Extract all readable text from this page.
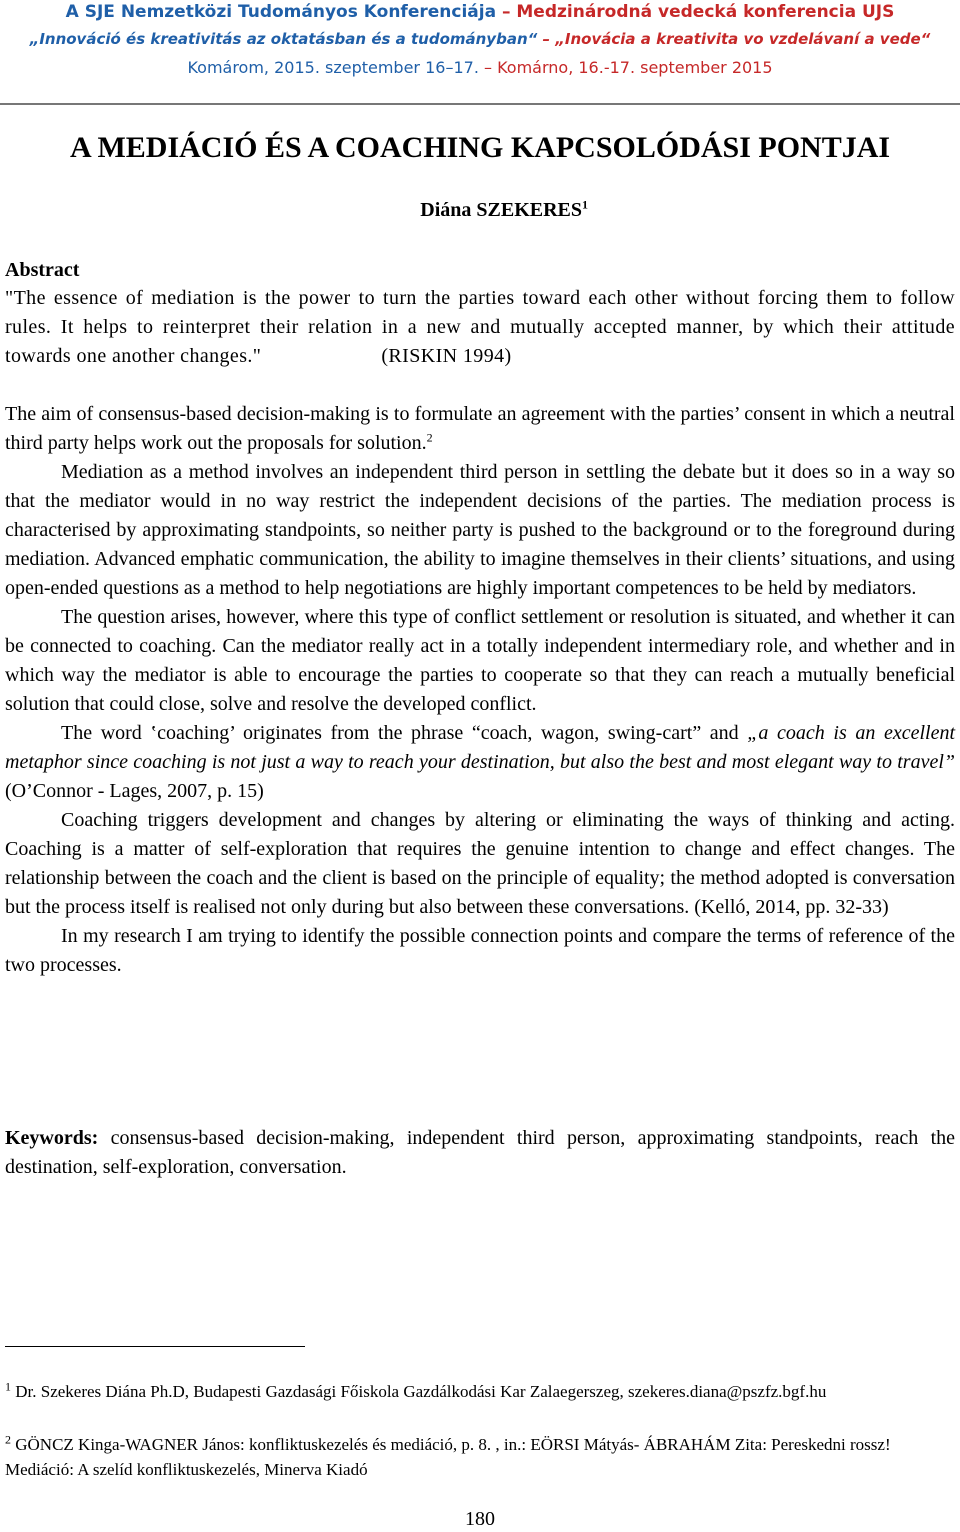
A SJE Nemzetközi Tudományos Konferenciája – Medzinárodná vedecká konferencia UJS
„Innováció és kreativitás az oktatásban és a tudományban“ – „Inovácia a kreativita vo vzdelávaní a vede“
Komárom, 2015. szeptember 16–17. – Komárno, 16.-17. september 2015
A MEDIÁCIÓ ÉS A COACHING KAPCSOLÓDÁSI PONTJAI
Diána SZEKERES$^1$
Abstract
"The essence of mediation is the power to turn the parties toward each other without forcing them to follow rules. It helps to reinterpret their relation in a new and mutually accepted manner, by which their attitude towards one another changes."	(RISKIN 1994)

The aim of consensus-based decision-making is to formulate an agreement with the parties’ consent in which a neutral third party helps work out the proposals for solution.$^2$

Mediation as a method involves an independent third person in settling the debate but it does so in a way so that the mediator would in no way restrict the independent decisions of the parties. The mediation process is characterised by approximating standpoints, so neither party is pushed to the background or to the foreground during mediation. Advanced emphatic communication, the ability to imagine themselves in their clients’ situations, and using open-ended questions as a method to help negotiations are highly important competences to be held by mediators.

The question arises, however, where this type of conflict settlement or resolution is situated, and whether it can be connected to coaching. Can the mediator really act in a totally independent intermediary role, and whether and in which way the mediator is able to encourage the parties to cooperate so that they can reach a mutually beneficial solution that could close, solve and resolve the developed conflict.

The word ‛coaching’ originates from the phrase “coach, wagon, swing-cart” and „a coach is an excellent metaphor since coaching is not just a way to reach your destination, but also the best and most elegant way to travel” (O’Connor - Lages, 2007, p. 15)

Coaching triggers development and changes by altering or eliminating the ways of thinking and acting. Coaching is a matter of self-exploration that requires the genuine intention to change and effect changes. The relationship between the coach and the client is based on the principle of equality; the method adopted is conversation but the process itself is realised not only during but also between these conversations. (Kelló, 2014, pp. 32-33)

In my research I am trying to identify the possible connection points and compare the terms of reference of the two processes.

Keywords: consensus-based decision-making, independent third person, approximating standpoints, reach the destination, self-exploration, conversation.
$^1$ Dr. Szekeres Diána Ph.D, Budapesti Gazdasági Főiskola Gazdálkodási Kar Zalaegerszeg, szekeres.diana@pszfz.bgf.hu
$^2$ GÖNCZ Kinga-WAGNER János: konfliktuskezelés és mediáció, p. 8. , in.: EÖRSI Mátyás- ÁBRAHÁM Zita: Pereskedni rossz! Mediáció: A szelíd konfliktuskezelés, Minerva Kiadó
180
